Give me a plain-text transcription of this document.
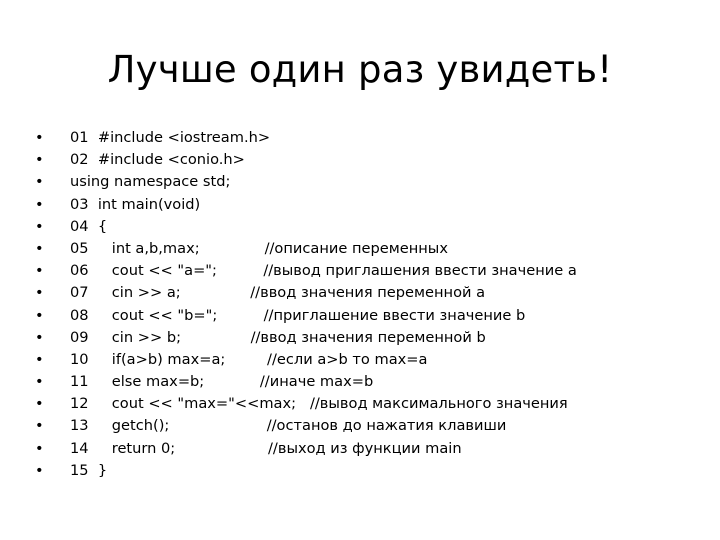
Лучше один раз увидеть!
• 01  #include <iostream.h>
• 02  #include <conio.h>
• using namespace std;
• 03  int main(void)
• 04  {
• 05     int a,b,max;              //описание переменных
• 06     cout << "a=";          //вывод приглашения ввести значение a
• 07     cin >> a;               //ввод значения переменной a
• 08     cout << "b=";          //приглашение ввести значение b
• 09     cin >> b;               //ввод значения переменной b
• 10     if(a>b) max=a;         //если a>b то max=a
• 11     else max=b;            //иначе max=b
• 12     cout << "max="<<max;   //вывод максимального значения
• 13     getch();                     //останов до нажатия клавиши
• 14     return 0;                    //выход из функции main
• 15  }
